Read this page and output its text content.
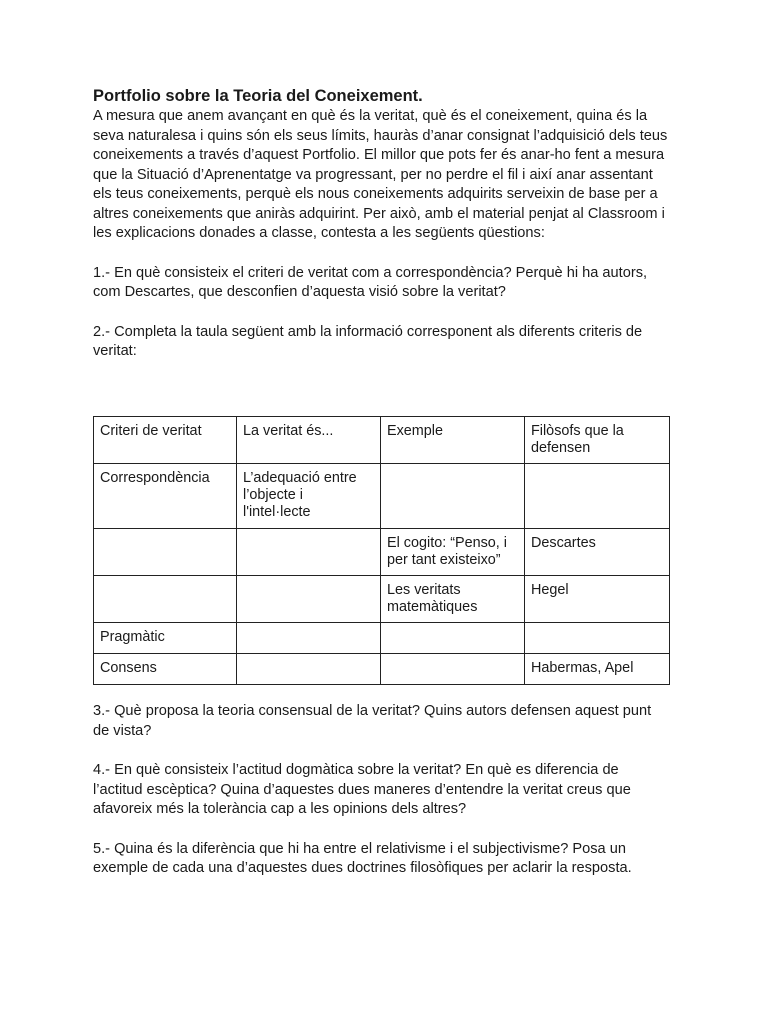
Portfolio sobre la Teoria del Coneixement.

A mesura que anem avançant en què és la veritat, què és el coneixement, quina és la seva naturalesa i quins són els seus límits, hauràs d’anar consignat l’adquisició dels teus coneixements a través d’aquest Portfolio. El millor que pots fer és anar-ho fent a mesura que la Situació d’Aprenentatge va progressant, per no perdre el fil i així anar assentant els teus coneixements, perquè els nous coneixements adquirits serveixin de base per a altres coneixements que aniràs adquirint. Per això, amb el material penjat al Classroom i les explicacions donades a classe, contesta a les següents qüestions:

1.- En què consisteix el criteri de veritat com a correspondència? Perquè hi ha autors, com Descartes, que desconfien d’aquesta visió sobre la veritat?

2.- Completa la taula següent amb la informació corresponent als diferents criteris de veritat:

Criteri de veritat	La veritat és...	Exemple	Filòsofs que la defensen
Correspondència	L’adequació entre l’objecte i l'intel·lecte		
		El cogito: “Penso, i per tant existeixo”	Descartes
		Les veritats matemàtiques	Hegel
Pragmàtic			
Consens			Habermas, Apel

3.- Què proposa la teoria consensual de la veritat? Quins autors defensen aquest punt de vista?

4.- En què consisteix l’actitud dogmàtica sobre la veritat? En què es diferencia de l’actitud escèptica? Quina d’aquestes dues maneres d’entendre la veritat creus que afavoreix més la tolerància cap a les opinions dels altres?

5.- Quina és la diferència que hi ha entre el relativisme i el subjectivisme? Posa un exemple de cada una d’aquestes dues doctrines filosòfiques per aclarir la resposta.
